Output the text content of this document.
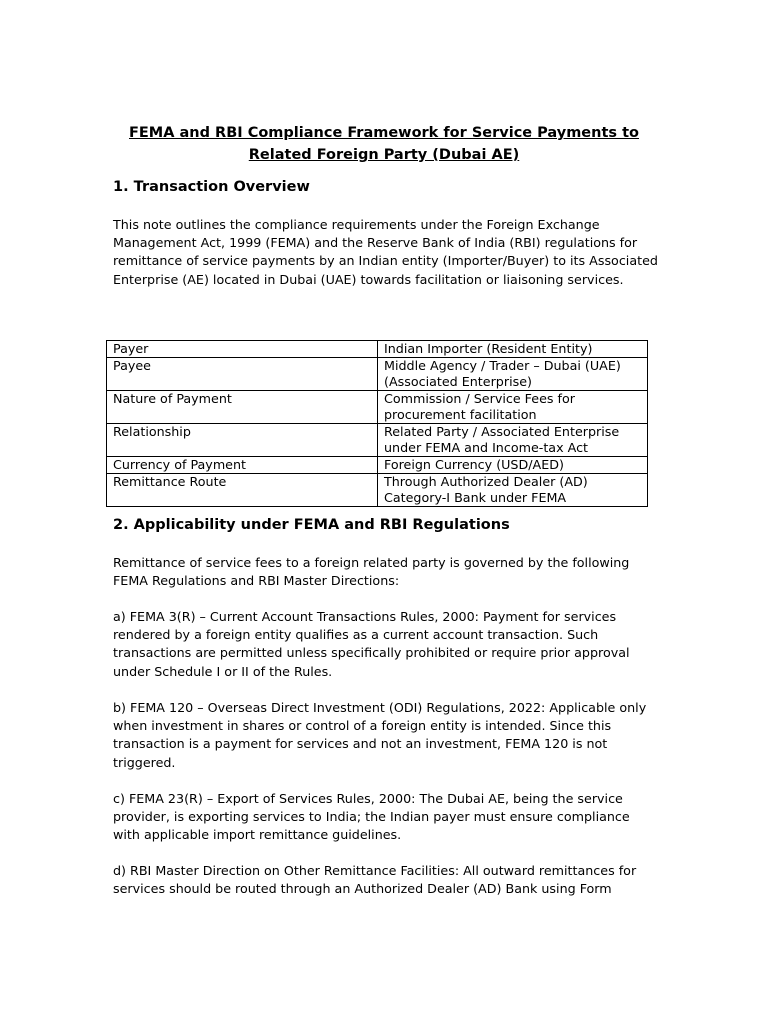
FEMA and RBI Compliance Framework for Service Payments to
Related Foreign Party (Dubai AE)
1. Transaction Overview
This note outlines the compliance requirements under the Foreign Exchange Management Act, 1999 (FEMA) and the Reserve Bank of India (RBI) regulations for remittance of service payments by an Indian entity (Importer/Buyer) to its Associated Enterprise (AE) located in Dubai (UAE) towards facilitation or liaisoning services.
Payer	Indian Importer (Resident Entity)
Payee	Middle Agency / Trader – Dubai (UAE) (Associated Enterprise)
Nature of Payment	Commission / Service Fees for procurement facilitation
Relationship	Related Party / Associated Enterprise under FEMA and Income-tax Act
Currency of Payment	Foreign Currency (USD/AED)
Remittance Route	Through Authorized Dealer (AD) Category-I Bank under FEMA
2. Applicability under FEMA and RBI Regulations
Remittance of service fees to a foreign related party is governed by the following FEMA Regulations and RBI Master Directions:
a) FEMA 3(R) – Current Account Transactions Rules, 2000: Payment for services rendered by a foreign entity qualifies as a current account transaction. Such transactions are permitted unless specifically prohibited or require prior approval under Schedule I or II of the Rules.
b) FEMA 120 – Overseas Direct Investment (ODI) Regulations, 2022: Applicable only when investment in shares or control of a foreign entity is intended. Since this transaction is a payment for services and not an investment, FEMA 120 is not triggered.
c) FEMA 23(R) – Export of Services Rules, 2000: The Dubai AE, being the service provider, is exporting services to India; the Indian payer must ensure compliance with applicable import remittance guidelines.
d) RBI Master Direction on Other Remittance Facilities: All outward remittances for services should be routed through an Authorized Dealer (AD) Bank using Form
